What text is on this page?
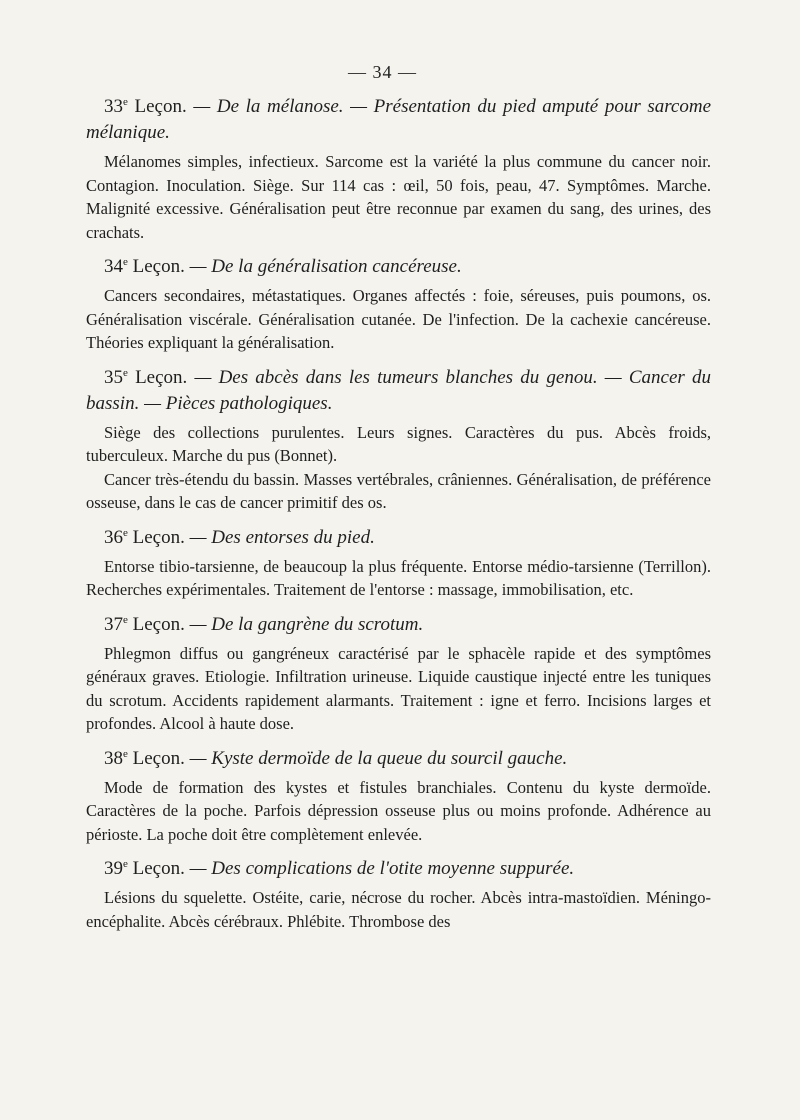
— 34 —

33e Leçon. — De la mélanose. — Présentation du pied amputé pour sarcome mélanique.

Mélanomes simples, infectieux. Sarcome est la variété la plus commune du cancer noir. Contagion. Inoculation. Siège. Sur 114 cas : œil, 50 fois, peau, 47. Symptômes. Marche. Malignité excessive. Généralisation peut être reconnue par examen du sang, des urines, des crachats.

34e Leçon. — De la généralisation cancéreuse.

Cancers secondaires, métastatiques. Organes affectés : foie, séreuses, puis poumons, os. Généralisation viscérale. Généralisation cutanée. De l'infection. De la cachexie cancéreuse. Théories expliquant la généralisation.

35e Leçon. — Des abcès dans les tumeurs blanches du genou. — Cancer du bassin. — Pièces pathologiques.

Siège des collections purulentes. Leurs signes. Caractères du pus. Abcès froids, tuberculeux. Marche du pus (Bonnet).

Cancer très-étendu du bassin. Masses vertébrales, crâniennes. Généralisation, de préférence osseuse, dans le cas de cancer primitif des os.

36e Leçon. — Des entorses du pied.

Entorse tibio-tarsienne, de beaucoup la plus fréquente. Entorse médio-tarsienne (Terrillon). Recherches expérimentales. Traitement de l'entorse : massage, immobilisation, etc.

37e Leçon. — De la gangrène du scrotum.

Phlegmon diffus ou gangréneux caractérisé par le sphacèle rapide et des symptômes généraux graves. Etiologie. Infiltration urineuse. Liquide caustique injecté entre les tuniques du scrotum. Accidents rapidement alarmants. Traitement : igne et ferro. Incisions larges et profondes. Alcool à haute dose.

38e Leçon. — Kyste dermoïde de la queue du sourcil gauche.

Mode de formation des kystes et fistules branchiales. Contenu du kyste dermoïde. Caractères de la poche. Parfois dépression osseuse plus ou moins profonde. Adhérence au périoste. La poche doit être complètement enlevée.

39e Leçon. — Des complications de l'otite moyenne suppurée.

Lésions du squelette. Ostéite, carie, nécrose du rocher. Abcès intra-mastoïdien. Méningo-encéphalite. Abcès cérébraux. Phlébite. Thrombose des
